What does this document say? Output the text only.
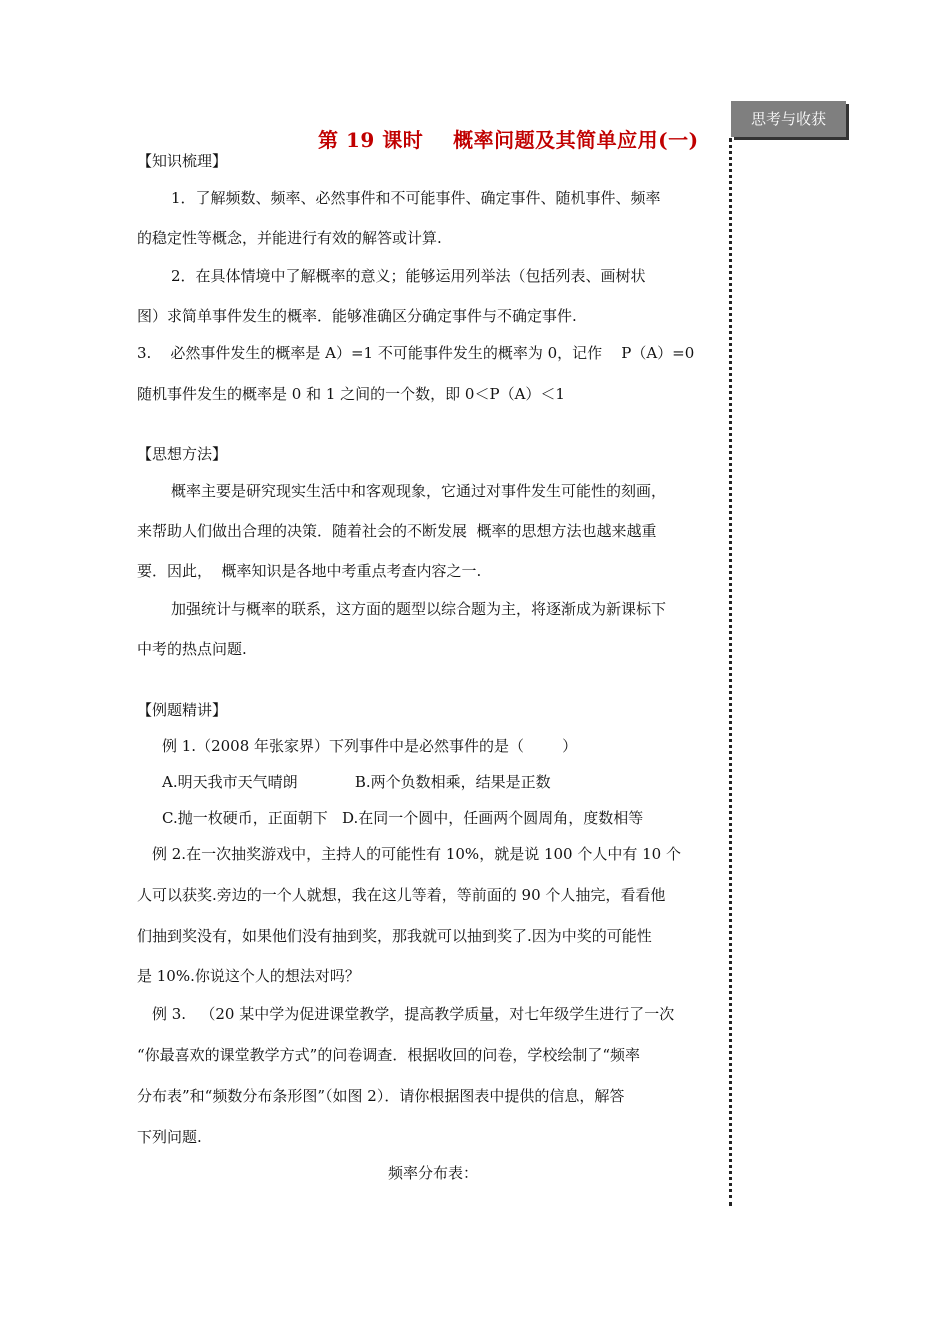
思考与收获
第 19 课时    概率问题及其简单应用(一)
【知识梳理】
1．了解频数、频率、必然事件和不可能事件、确定事件、随机事件、频率
的稳定性等概念，并能进行有效的解答或计算.
2．在具体情境中了解概率的意义；能够运用列举法（包括列表、画树状
图）求简单事件发生的概率．能够准确区分确定事件与不确定事件.
3.    必然事件发生的概率是 A）=1 不可能事件发生的概率为 0，记作    P（A）=0
随机事件发生的概率是 0 和 1 之间的一个数，即 0＜P（A）＜1
【思想方法】
概率主要是研究现实生活中和客观现象，它通过对事件发生可能性的刻画，
来帮助人们做出合理的决策．随着社会的不断发展  概率的思想方法也越来越重
要．因此，  概率知识是各地中考重点考查内容之一.
加强统计与概率的联系，这方面的题型以综合题为主，将逐渐成为新课标下
中考的热点问题.
【例题精讲】
例 1.（2008 年张家界）下列事件中是必然事件的是（        ）
A.明天我市天气晴朗            B.两个负数相乘，结果是正数
C.抛一枚硬币，正面朝下   D.在同一个圆中，任画两个圆周角，度数相等
例 2.在一次抽奖游戏中，主持人的可能性有 10%，就是说 100 个人中有 10 个
人可以获奖.旁边的一个人就想，我在这儿等着，等前面的 90 个人抽完，看看他
们抽到奖没有，如果他们没有抽到奖，那我就可以抽到奖了.因为中奖的可能性
是 10%.你说这个人的想法对吗？
例 3.   （20 某中学为促进课堂教学，提高教学质量，对七年级学生进行了一次
“你最喜欢的课堂教学方式”的问卷调查．根据收回的问卷，学校绘制了“频率
分布表”和“频数分布条形图”（如图 2）．请你根据图表中提供的信息，解答
下列问题.
频率分布表：
